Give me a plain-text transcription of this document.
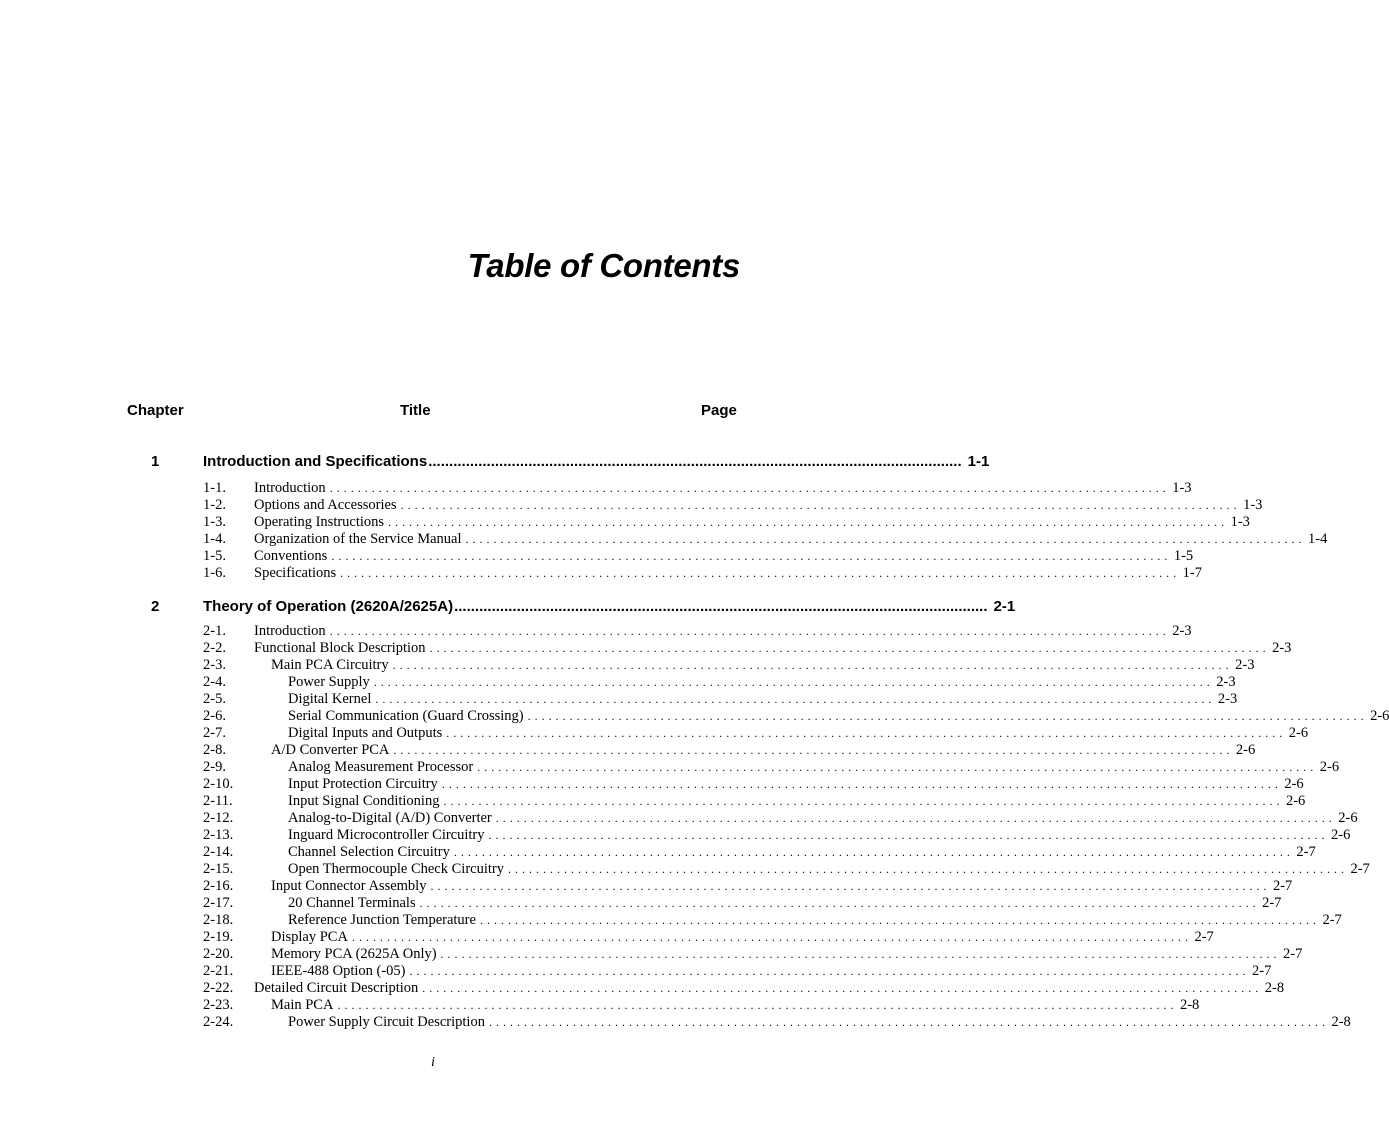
Table of Contents
Chapter	Title	Page
1	Introduction and Specifications ................................................................................................................................ 1-1
1-1. Introduction . . . . . . . . . . . . . . . . . . . . . . . . . . . . . . . . . . . . . . . . . . . . . . . . . . . . . . . . . . . . . . . . . . . . . . . . . . . . . . . . . . . . . . . . . . . . . . . . . . . . . . . . . . . . . . . . . . . . . . . . 1-3
1-2. Options and Accessories . . . . . . . . . . . . . . . . . . . . . . . . . . . . . . . . . . . . . . . . . . . . . . . . . . . . . . . . . . . . . . . . . . . . . . . . . . . . . . . . . . . . . . . . . . . . . . . . . . . . . . . . . . . . . . . . . . . . . . . . 1-3
1-3. Operating Instructions . . . . . . . . . . . . . . . . . . . . . . . . . . . . . . . . . . . . . . . . . . . . . . . . . . . . . . . . . . . . . . . . . . . . . . . . . . . . . . . . . . . . . . . . . . . . . . . . . . . . . . . . . . . . . . . . . . . . . . . . 1-3
1-4. Organization of the Service Manual . . . . . . . . . . . . . . . . . . . . . . . . . . . . . . . . . . . . . . . . . . . . . . . . . . . . . . . . . . . . . . . . . . . . . . . . . . . . . . . . . . . . . . . . . . . . . . . . . . . . . . . . . . . . . . . . . . . . . . . . 1-4
1-5. Conventions . . . . . . . . . . . . . . . . . . . . . . . . . . . . . . . . . . . . . . . . . . . . . . . . . . . . . . . . . . . . . . . . . . . . . . . . . . . . . . . . . . . . . . . . . . . . . . . . . . . . . . . . . . . . . . . . . . . . . . . . 1-5
1-6. Specifications . . . . . . . . . . . . . . . . . . . . . . . . . . . . . . . . . . . . . . . . . . . . . . . . . . . . . . . . . . . . . . . . . . . . . . . . . . . . . . . . . . . . . . . . . . . . . . . . . . . . . . . . . . . . . . . . . . . . . . . . 1-7
2	Theory of Operation (2620A/2625A) ................................................................................................................................ 2-1
2-1. Introduction . . . . . . . . . . . . . . . . . . . . . . . . . . . . . . . . . . . . . . . . . . . . . . . . . . . . . . . . . . . . . . . . . . . . . . . . . . . . . . . . . . . . . . . . . . . . . . . . . . . . . . . . . . . . . . . . . . . . . . . . 2-3
2-2. Functional Block Description . . . . . . . . . . . . . . . . . . . . . . . . . . . . . . . . . . . . . . . . . . . . . . . . . . . . . . . . . . . . . . . . . . . . . . . . . . . . . . . . . . . . . . . . . . . . . . . . . . . . . . . . . . . . . . . . . . . . . . . . 2-3
2-3.	Main PCA Circuitry . . . . . . . . . . . . . . . . . . . . . . . . . . . . . . . . . . . . . . . . . . . . . . . . . . . . . . . . . . . . . . . . . . . . . . . . . . . . . . . . . . . . . . . . . . . . . . . . . . . . . . . . . . . . . . . . . . . . . . . . 2-3
2-4.	Power Supply . . . . . . . . . . . . . . . . . . . . . . . . . . . . . . . . . . . . . . . . . . . . . . . . . . . . . . . . . . . . . . . . . . . . . . . . . . . . . . . . . . . . . . . . . . . . . . . . . . . . . . . . . . . . . . . . . . . . . . . . 2-3
2-5.	Digital Kernel . . . . . . . . . . . . . . . . . . . . . . . . . . . . . . . . . . . . . . . . . . . . . . . . . . . . . . . . . . . . . . . . . . . . . . . . . . . . . . . . . . . . . . . . . . . . . . . . . . . . . . . . . . . . . . . . . . . . . . . . 2-3
2-6.	Serial Communication (Guard Crossing) . . . . . . . . . . . . . . . . . . . . . . . . . . . . . . . . . . . . . . . . . . . . . . . . . . . . . . . . . . . . . . . . . . . . . . . . . . . . . . . . . . . . . . . . . . . . . . . . . . . . . . . . . . . . . . . . . . . . . . . . 2-6
2-7.	Digital Inputs and Outputs . . . . . . . . . . . . . . . . . . . . . . . . . . . . . . . . . . . . . . . . . . . . . . . . . . . . . . . . . . . . . . . . . . . . . . . . . . . . . . . . . . . . . . . . . . . . . . . . . . . . . . . . . . . . . . . . . . . . . . . . 2-6
2-8.	A/D Converter PCA . . . . . . . . . . . . . . . . . . . . . . . . . . . . . . . . . . . . . . . . . . . . . . . . . . . . . . . . . . . . . . . . . . . . . . . . . . . . . . . . . . . . . . . . . . . . . . . . . . . . . . . . . . . . . . . . . . . . . . . . 2-6
2-9.	Analog Measurement Processor . . . . . . . . . . . . . . . . . . . . . . . . . . . . . . . . . . . . . . . . . . . . . . . . . . . . . . . . . . . . . . . . . . . . . . . . . . . . . . . . . . . . . . . . . . . . . . . . . . . . . . . . . . . . . . . . . . . . . . . . 2-6
2-10.	Input Protection Circuitry . . . . . . . . . . . . . . . . . . . . . . . . . . . . . . . . . . . . . . . . . . . . . . . . . . . . . . . . . . . . . . . . . . . . . . . . . . . . . . . . . . . . . . . . . . . . . . . . . . . . . . . . . . . . . . . . . . . . . . . . 2-6
2-11.	Input Signal Conditioning . . . . . . . . . . . . . . . . . . . . . . . . . . . . . . . . . . . . . . . . . . . . . . . . . . . . . . . . . . . . . . . . . . . . . . . . . . . . . . . . . . . . . . . . . . . . . . . . . . . . . . . . . . . . . . . . . . . . . . . . 2-6
2-12.	Analog-to-Digital (A/D) Converter . . . . . . . . . . . . . . . . . . . . . . . . . . . . . . . . . . . . . . . . . . . . . . . . . . . . . . . . . . . . . . . . . . . . . . . . . . . . . . . . . . . . . . . . . . . . . . . . . . . . . . . . . . . . . . . . . . . . . . . . 2-6
2-13.	Inguard Microcontroller Circuitry . . . . . . . . . . . . . . . . . . . . . . . . . . . . . . . . . . . . . . . . . . . . . . . . . . . . . . . . . . . . . . . . . . . . . . . . . . . . . . . . . . . . . . . . . . . . . . . . . . . . . . . . . . . . . . . . . . . . . . . . 2-6
2-14.	Channel Selection Circuitry . . . . . . . . . . . . . . . . . . . . . . . . . . . . . . . . . . . . . . . . . . . . . . . . . . . . . . . . . . . . . . . . . . . . . . . . . . . . . . . . . . . . . . . . . . . . . . . . . . . . . . . . . . . . . . . . . . . . . . . . 2-7
2-15.	Open Thermocouple Check Circuitry . . . . . . . . . . . . . . . . . . . . . . . . . . . . . . . . . . . . . . . . . . . . . . . . . . . . . . . . . . . . . . . . . . . . . . . . . . . . . . . . . . . . . . . . . . . . . . . . . . . . . . . . . . . . . . . . . . . . . . . . 2-7
2-16.	Input Connector Assembly . . . . . . . . . . . . . . . . . . . . . . . . . . . . . . . . . . . . . . . . . . . . . . . . . . . . . . . . . . . . . . . . . . . . . . . . . . . . . . . . . . . . . . . . . . . . . . . . . . . . . . . . . . . . . . . . . . . . . . . . 2-7
2-17.	20 Channel Terminals . . . . . . . . . . . . . . . . . . . . . . . . . . . . . . . . . . . . . . . . . . . . . . . . . . . . . . . . . . . . . . . . . . . . . . . . . . . . . . . . . . . . . . . . . . . . . . . . . . . . . . . . . . . . . . . . . . . . . . . . 2-7
2-18.	Reference Junction Temperature . . . . . . . . . . . . . . . . . . . . . . . . . . . . . . . . . . . . . . . . . . . . . . . . . . . . . . . . . . . . . . . . . . . . . . . . . . . . . . . . . . . . . . . . . . . . . . . . . . . . . . . . . . . . . . . . . . . . . . . . 2-7
2-19.	Display PCA . . . . . . . . . . . . . . . . . . . . . . . . . . . . . . . . . . . . . . . . . . . . . . . . . . . . . . . . . . . . . . . . . . . . . . . . . . . . . . . . . . . . . . . . . . . . . . . . . . . . . . . . . . . . . . . . . . . . . . . . 2-7
2-20.	Memory PCA (2625A Only) . . . . . . . . . . . . . . . . . . . . . . . . . . . . . . . . . . . . . . . . . . . . . . . . . . . . . . . . . . . . . . . . . . . . . . . . . . . . . . . . . . . . . . . . . . . . . . . . . . . . . . . . . . . . . . . . . . . . . . . . 2-7
2-21.	IEEE-488 Option (-05) . . . . . . . . . . . . . . . . . . . . . . . . . . . . . . . . . . . . . . . . . . . . . . . . . . . . . . . . . . . . . . . . . . . . . . . . . . . . . . . . . . . . . . . . . . . . . . . . . . . . . . . . . . . . . . . . . . . . . . . . 2-7
2-22. Detailed Circuit Description . . . . . . . . . . . . . . . . . . . . . . . . . . . . . . . . . . . . . . . . . . . . . . . . . . . . . . . . . . . . . . . . . . . . . . . . . . . . . . . . . . . . . . . . . . . . . . . . . . . . . . . . . . . . . . . . . . . . . . . . 2-8
2-23.	Main PCA . . . . . . . . . . . . . . . . . . . . . . . . . . . . . . . . . . . . . . . . . . . . . . . . . . . . . . . . . . . . . . . . . . . . . . . . . . . . . . . . . . . . . . . . . . . . . . . . . . . . . . . . . . . . . . . . . . . . . . . . 2-8
2-24.	Power Supply Circuit Description . . . . . . . . . . . . . . . . . . . . . . . . . . . . . . . . . . . . . . . . . . . . . . . . . . . . . . . . . . . . . . . . . . . . . . . . . . . . . . . . . . . . . . . . . . . . . . . . . . . . . . . . . . . . . . . . . . . . . . . . 2-8
i
